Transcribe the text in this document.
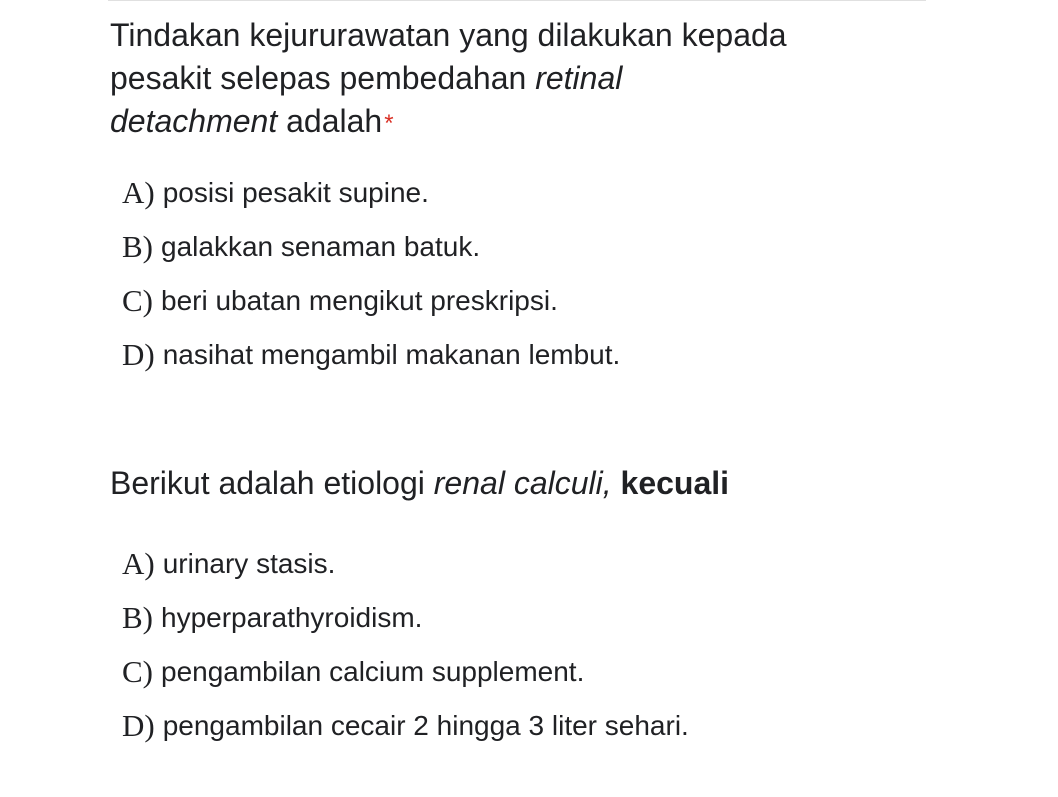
Tindakan kejururawatan yang dilakukan kepada
pesakit selepas pembedahan retinal
detachment adalah*

A) posisi pesakit supine.
B) galakkan senaman batuk.
C) beri ubatan mengikut preskripsi.
D) nasihat mengambil makanan lembut.

Berikut adalah etiologi renal calculi, kecuali

A) urinary stasis.
B) hyperparathyroidism.
C) pengambilan calcium supplement.
D) pengambilan cecair 2 hingga 3 liter sehari.
